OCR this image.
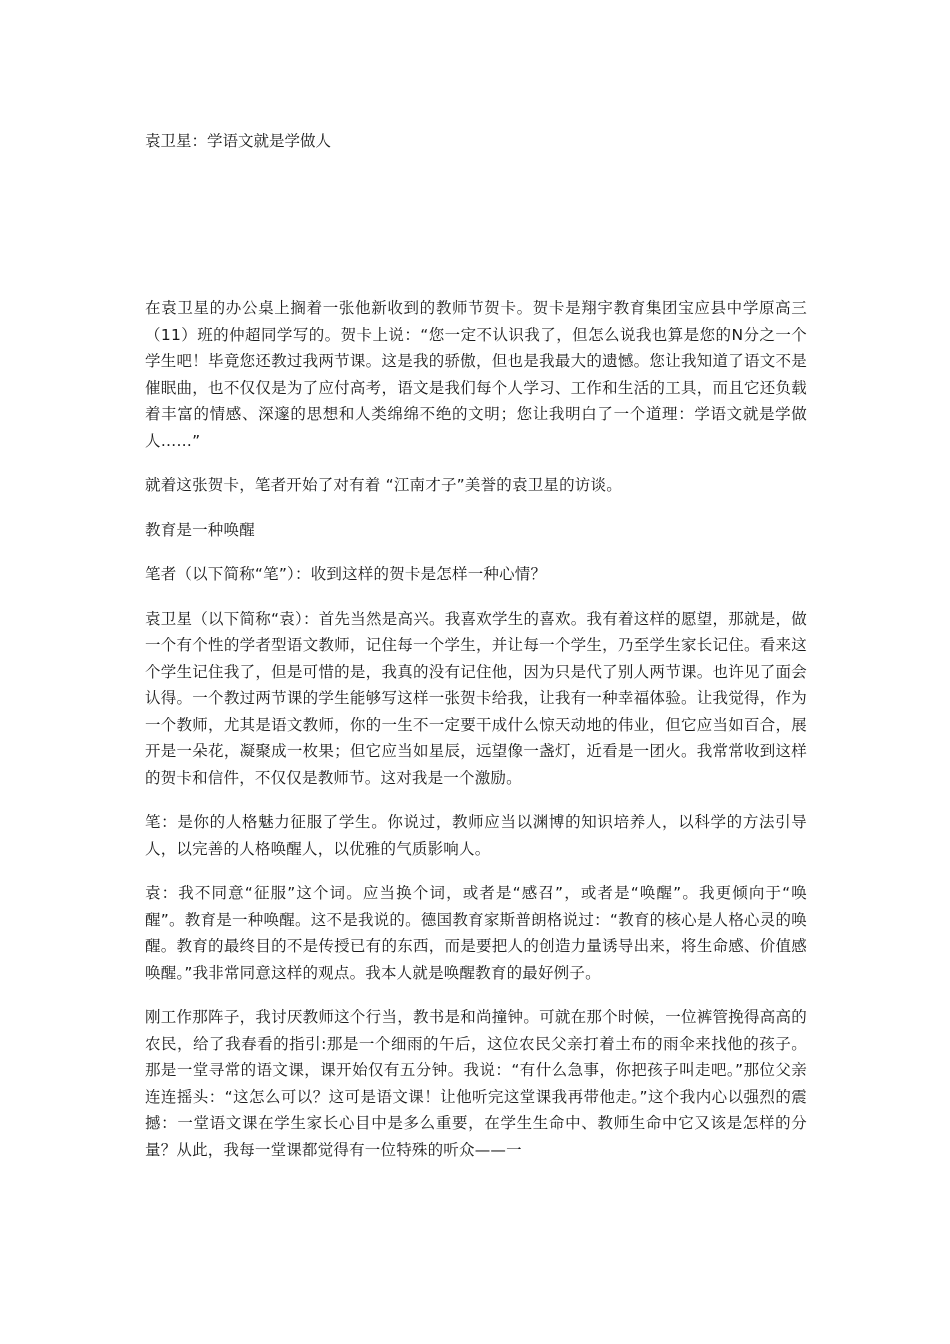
袁卫星：学语文就是学做人

在袁卫星的办公桌上搁着一张他新收到的教师节贺卡。贺卡是翔宇教育集团宝应县中学原高三（11）班的仲超同学写的。贺卡上说：“您一定不认识我了，但怎么说我也算是您的N分之一个学生吧！毕竟您还教过我两节课。这是我的骄傲，但也是我最大的遗憾。您让我知道了语文不是催眠曲，也不仅仅是为了应付高考，语文是我们每个人学习、工作和生活的工具，而且它还负载着丰富的情感、深邃的思想和人类绵绵不绝的文明；您让我明白了一个道理：学语文就是学做人……”

就着这张贺卡，笔者开始了对有着 “江南才子”美誉的袁卫星的访谈。

教育是一种唤醒

笔者（以下简称“笔”）：收到这样的贺卡是怎样一种心情？

袁卫星（以下简称“袁）：首先当然是高兴。我喜欢学生的喜欢。我有着这样的愿望，那就是，做一个有个性的学者型语文教师，记住每一个学生，并让每一个学生，乃至学生家长记住。看来这个学生记住我了，但是可惜的是，我真的没有记住他，因为只是代了别人两节课。也许见了面会认得。一个教过两节课的学生能够写这样一张贺卡给我，让我有一种幸福体验。让我觉得，作为一个教师，尤其是语文教师，你的一生不一定要干成什么惊天动地的伟业，但它应当如百合，展开是一朵花，凝聚成一枚果；但它应当如星辰，远望像一盏灯，近看是一团火。我常常收到这样的贺卡和信件，不仅仅是教师节。这对我是一个激励。

笔：是你的人格魅力征服了学生。你说过，教师应当以渊博的知识培养人，以科学的方法引导人，以完善的人格唤醒人，以优雅的气质影响人。

袁：我不同意“征服”这个词。应当换个词，或者是“感召”，或者是“唤醒”。我更倾向于“唤醒”。教育是一种唤醒。这不是我说的。德国教育家斯普朗格说过：“教育的核心是人格心灵的唤醒。教育的最终目的不是传授已有的东西，而是要把人的创造力量诱导出来，将生命感、价值感唤醒。”我非常同意这样的观点。我本人就是唤醒教育的最好例子。

刚工作那阵子，我讨厌教师这个行当，教书是和尚撞钟。可就在那个时候，一位裤管挽得高高的农民，给了我春看的指引:那是一个细雨的午后，这位农民父亲打着土布的雨伞来找他的孩子。那是一堂寻常的语文课，课开始仅有五分钟。我说：“有什么急事，你把孩子叫走吧。”那位父亲连连摇头：“这怎么可以？这可是语文课！让他听完这堂课我再带他走。”这个我内心以强烈的震撼：一堂语文课在学生家长心目中是多么重要，在学生生命中、教师生命中它又该是怎样的分量？从此，我每一堂课都觉得有一位特殊的听众——一
